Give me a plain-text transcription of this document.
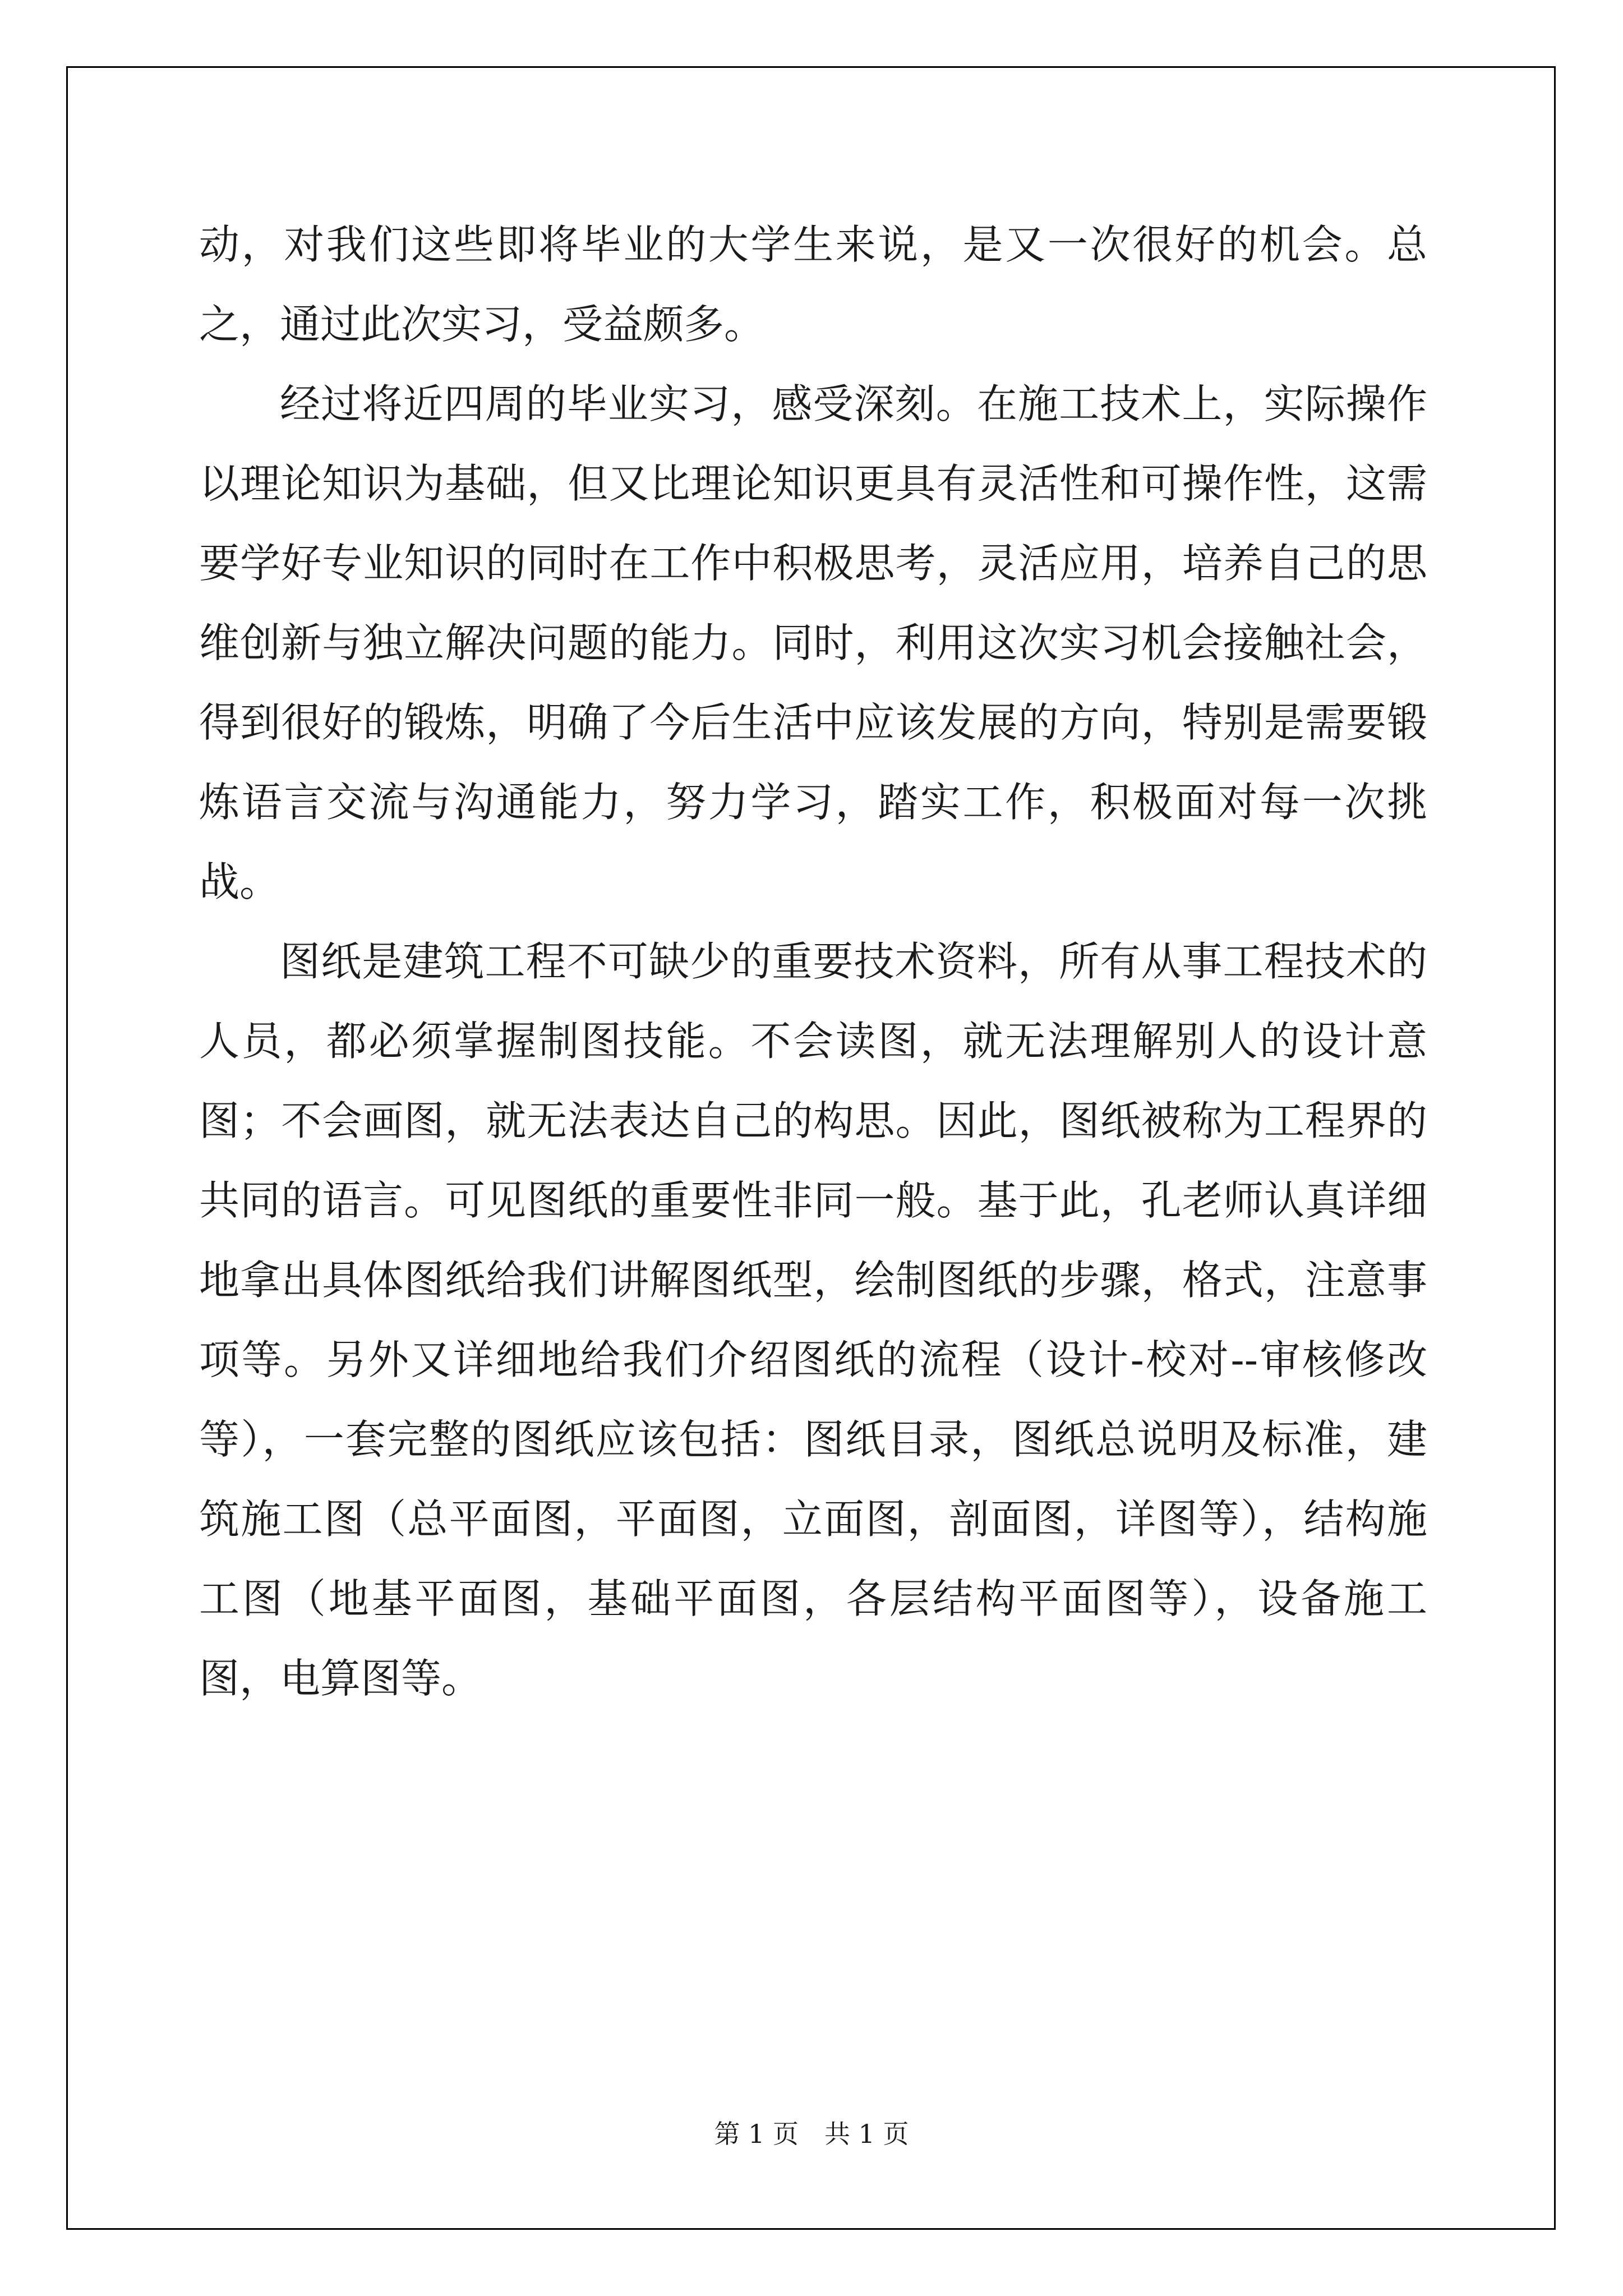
动，对我们这些即将毕业的大学生来说，是又一次很好的机会。总之，通过此次实习，受益颇多。

经过将近四周的毕业实习，感受深刻。在施工技术上，实际操作以理论知识为基础，但又比理论知识更具有灵活性和可操作性，这需要学好专业知识的同时在工作中积极思考，灵活应用，培养自己的思维创新与独立解决问题的能力。同时，利用这次实习机会接触社会，得到很好的锻炼，明确了今后生活中应该发展的方向，特别是需要锻炼语言交流与沟通能力，努力学习，踏实工作，积极面对每一次挑战。

图纸是建筑工程不可缺少的重要技术资料，所有从事工程技术的人员，都必须掌握制图技能。不会读图，就无法理解别人的设计意图；不会画图，就无法表达自己的构思。因此，图纸被称为工程界的共同的语言。可见图纸的重要性非同一般。基于此，孔老师认真详细地拿出具体图纸给我们讲解图纸型，绘制图纸的步骤，格式，注意事项等。另外又详细地给我们介绍图纸的流程（设计-校对--审核修改等），一套完整的图纸应该包括：图纸目录，图纸总说明及标准，建筑施工图（总平面图，平面图，立面图，剖面图，详图等），结构施工图（地基平面图，基础平面图，各层结构平面图等），设备施工图，电算图等。

第 1 页 共 1 页
